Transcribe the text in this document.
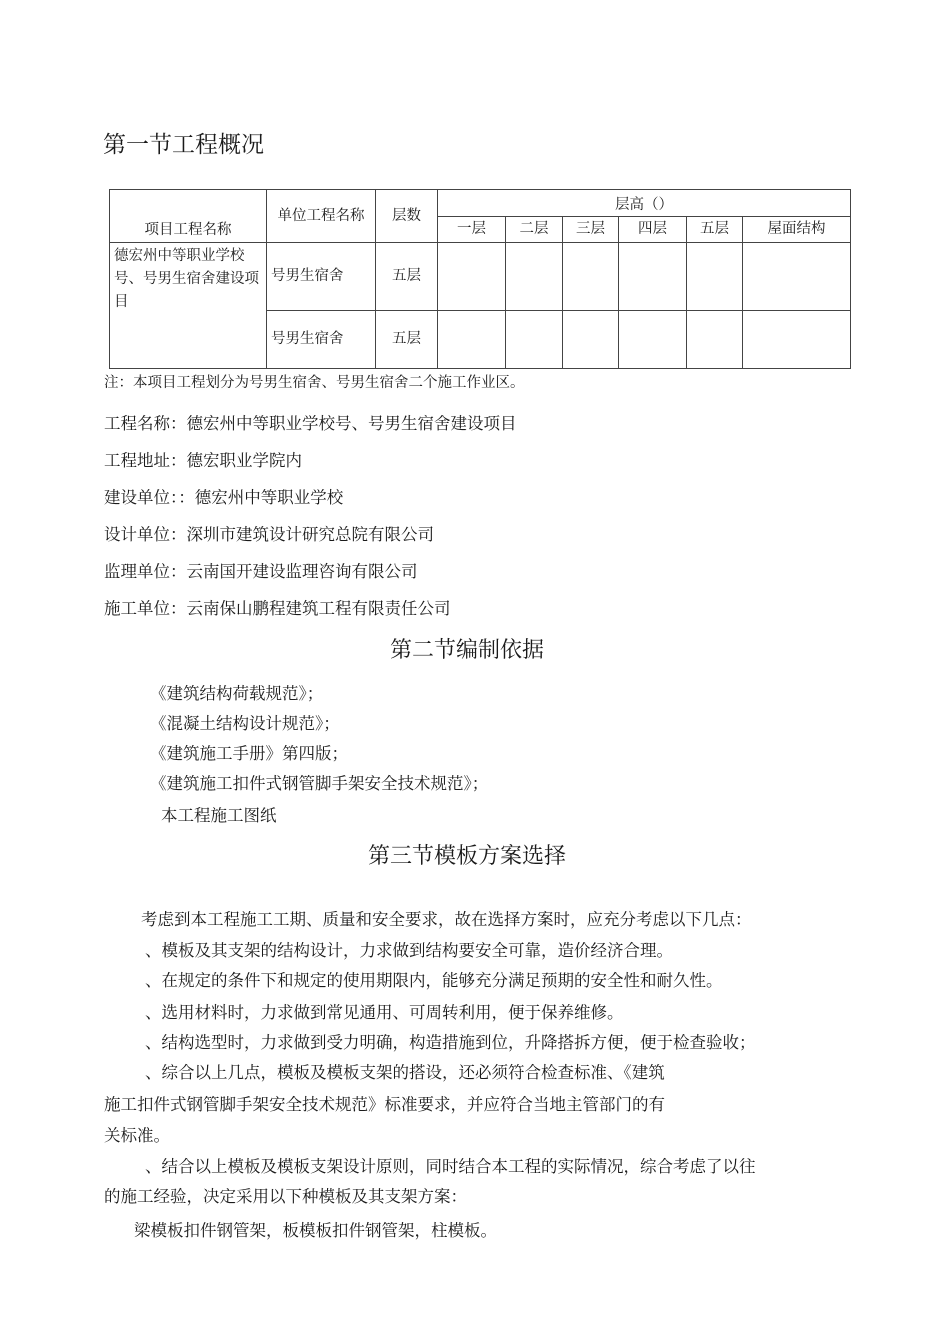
第一节工程概况
项目工程名称	单位工程名称	层数	层高（）					
			一层	二层	三层	四层	五层	屋面结构
德宏州中等职业学校号、号男生宿舍建设项目	号男生宿舍	五层						
	号男生宿舍	五层						
注：本项目工程划分为号男生宿舍、号男生宿舍二个施工作业区。
工程名称：德宏州中等职业学校号、号男生宿舍建设项目
工程地址：德宏职业学院内
建设单位：：德宏州中等职业学校
设计单位：深圳市建筑设计研究总院有限公司
监理单位：云南国开建设监理咨询有限公司
施工单位：云南保山鹏程建筑工程有限责任公司
第二节编制依据
《建筑结构荷载规范》；
《混凝土结构设计规范》；
《建筑施工手册》第四版；
《建筑施工扣件式钢管脚手架安全技术规范》；
本工程施工图纸
第三节模板方案选择
考虑到本工程施工工期、质量和安全要求，故在选择方案时，应充分考虑以下几点：
、模板及其支架的结构设计，力求做到结构要安全可靠，造价经济合理。
、在规定的条件下和规定的使用期限内，能够充分满足预期的安全性和耐久性。
、选用材料时，力求做到常见通用、可周转利用，便于保养维修。
、结构选型时，力求做到受力明确，构造措施到位，升降搭拆方便，便于检查验收；
、综合以上几点，模板及模板支架的搭设，还必须符合检查标准、《建筑
施工扣件式钢管脚手架安全技术规范》标准要求，并应符合当地主管部门的有
关标准。
、结合以上模板及模板支架设计原则，同时结合本工程的实际情况，综合考虑了以往
的施工经验，决定采用以下种模板及其支架方案：
梁模板扣件钢管架，板模板扣件钢管架，柱模板。
